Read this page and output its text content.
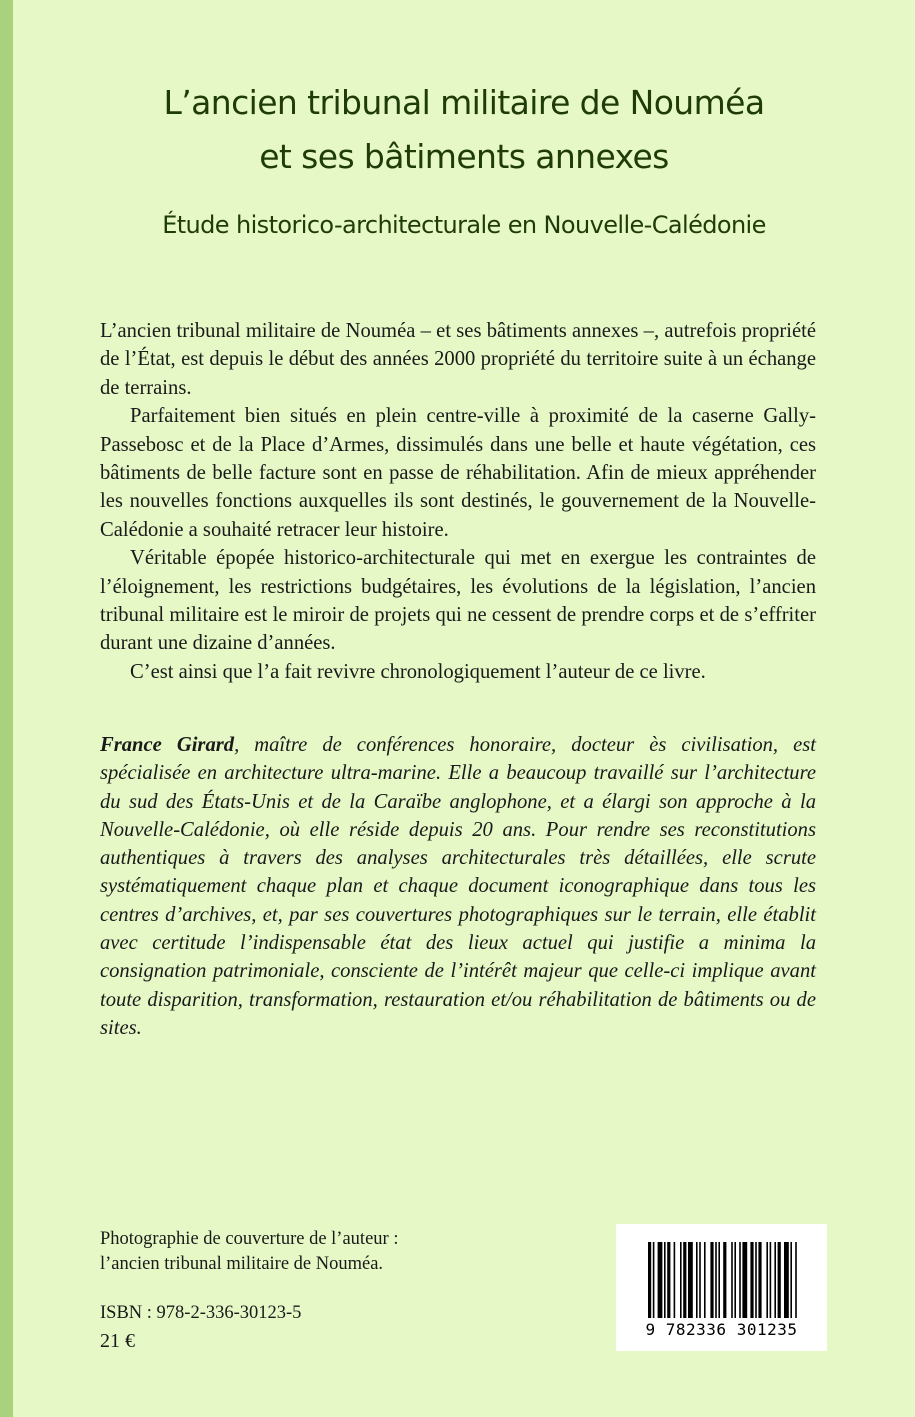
L’ancien tribunal militaire de Nouméa
et ses bâtiments annexes
Étude historico-architecturale en Nouvelle-Calédonie

L’ancien tribunal militaire de Nouméa – et ses bâtiments annexes –, autrefois propriété de l’État, est depuis le début des années 2000 propriété du territoire suite à un échange de terrains.

Parfaitement bien situés en plein centre-ville à proximité de la caserne Gally-Passebosc et de la Place d’Armes, dissimulés dans une belle et haute végétation, ces bâtiments de belle facture sont en passe de réhabilitation. Afin de mieux appréhender les nouvelles fonctions auxquelles ils sont destinés, le gouvernement de la Nouvelle-Calédonie a souhaité retracer leur histoire.

Véritable épopée historico-architecturale qui met en exergue les contraintes de l’éloignement, les restrictions budgétaires, les évolutions de la législation, l’ancien tribunal militaire est le miroir de projets qui ne cessent de prendre corps et de s’effriter durant une dizaine d’années.

C’est ainsi que l’a fait revivre chronologiquement l’auteur de ce livre.

France Girard, maître de conférences honoraire, docteur ès civilisation, est spécialisée en architecture ultra-marine. Elle a beaucoup travaillé sur l’architecture du sud des États-Unis et de la Caraïbe anglophone, et a élargi son approche à la Nouvelle-Calédonie, où elle réside depuis 20 ans. Pour rendre ses reconstitutions authentiques à travers des analyses architecturales très détaillées, elle scrute systématiquement chaque plan et chaque document iconographique dans tous les centres d’archives, et, par ses couvertures photographiques sur le terrain, elle établit avec certitude l’indispensable état des lieux actuel qui justifie a minima la consignation patrimoniale, consciente de l’intérêt majeur que celle-ci implique avant toute disparition, transformation, restauration et/ou réhabilitation de bâtiments ou de sites.

Photographie de couverture de l’auteur :
l’ancien tribunal militaire de Nouméa.
ISBN : 978-2-336-30123-5
21 €
9 782336 301235
